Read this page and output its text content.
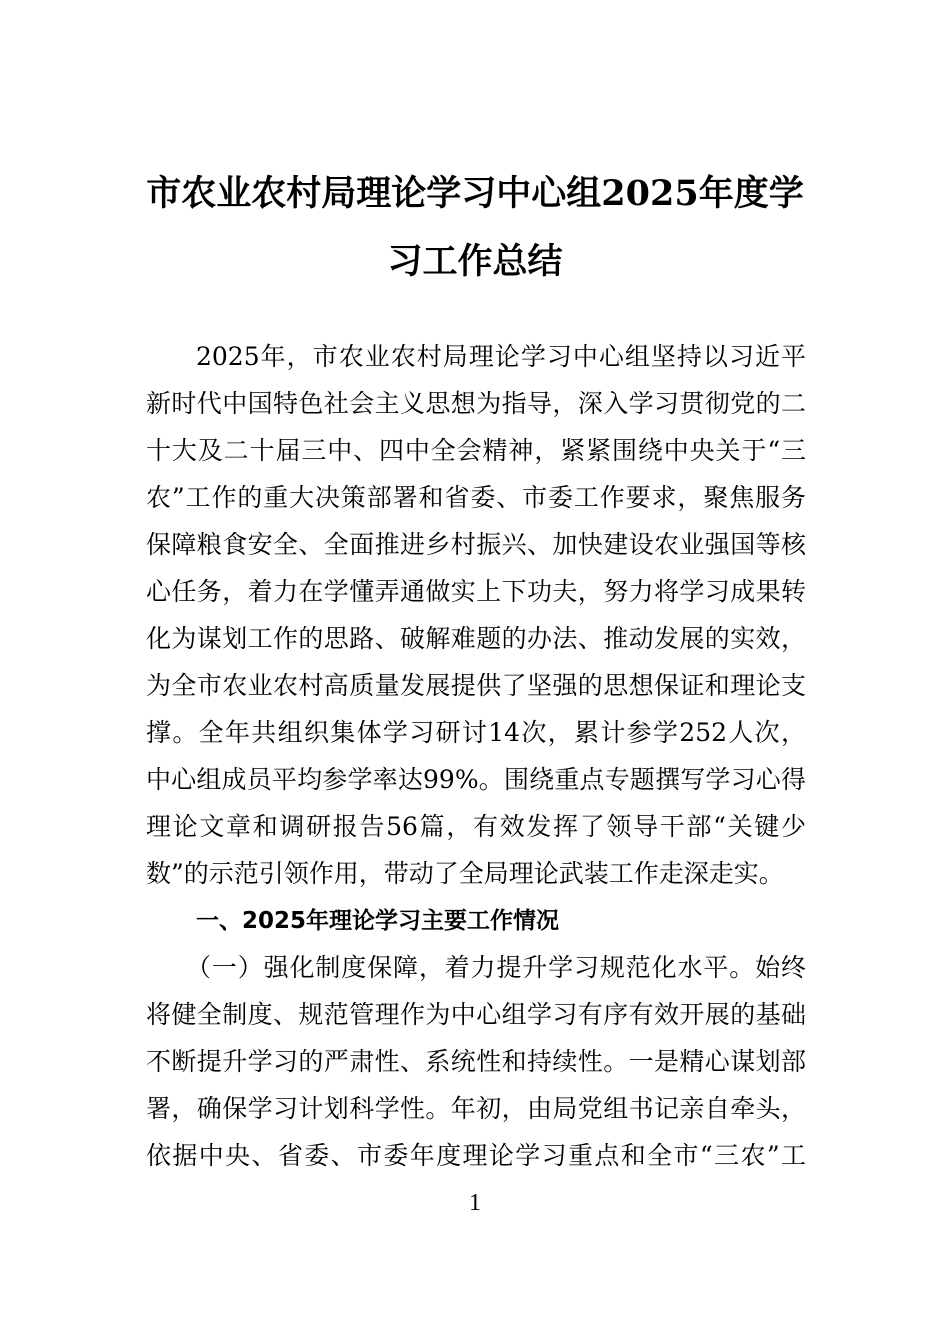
市农业农村局理论学习中心组2025年度学
习工作总结

2025年，市农业农村局理论学习中心组坚持以习近平

新时代中国特色社会主义思想为指导，深入学习贯彻党的二

十大及二十届三中、四中全会精神，紧紧围绕中央关于“三

农”工作的重大决策部署和省委、市委工作要求，聚焦服务

保障粮食安全、全面推进乡村振兴、加快建设农业强国等核

心任务，着力在学懂弄通做实上下功夫，努力将学习成果转

化为谋划工作的思路、破解难题的办法、推动发展的实效，

为全市农业农村高质量发展提供了坚强的思想保证和理论支

撑。全年共组织集体学习研讨14次，累计参学252人次，

中心组成员平均参学率达99%。围绕重点专题撰写学习心得

理论文章和调研报告56篇，有效发挥了领导干部“关键少

数”的示范引领作用，带动了全局理论武装工作走深走实。

一、2025年理论学习主要工作情况

（一）强化制度保障，着力提升学习规范化水平。始终

将健全制度、规范管理作为中心组学习有序有效开展的基础

不断提升学习的严肃性、系统性和持续性。一是精心谋划部

署，确保学习计划科学性。年初，由局党组书记亲自牵头，

依据中央、省委、市委年度理论学习重点和全市“三农”工

1
